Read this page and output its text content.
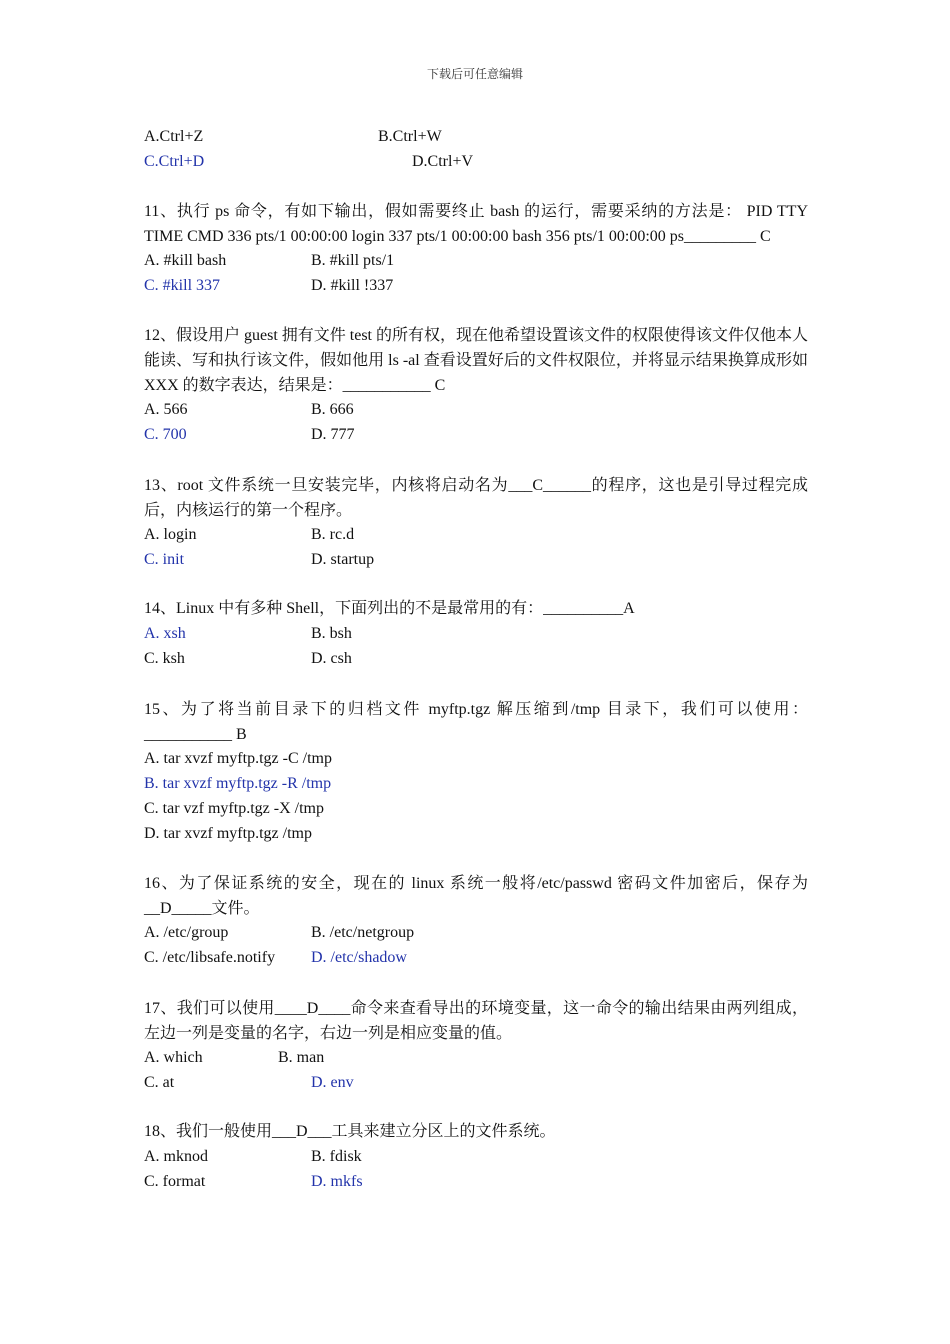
下载后可任意编辑
A.Ctrl+Z	B.Ctrl+W
C.Ctrl+D	D.Ctrl+V
11、执行 ps 命令，有如下输出，假如需要终止 bash 的运行，需要采纳的方法是： PID TTY TIME CMD 336 pts/1 00:00:00 login 337 pts/1 00:00:00 bash 356 pts/1 00:00:00 ps_________ C
A. #kill bash	B. #kill pts/1
C. #kill 337	D. #kill !337
12、假设用户 guest 拥有文件 test 的所有权，现在他希望设置该文件的权限使得该文件仅他本人能读、写和执行该文件，假如他用 ls -al 查看设置好后的文件权限位，并将显示结果换算成形如 XXX 的数字表达，结果是：___________ C
A. 566	B. 666
C. 700	D. 777
13、root 文件系统一旦安装完毕，内核将启动名为___C______的程序，这也是引导过程完成后，内核运行的第一个程序。
A. login	B. rc.d
C. init	D. startup
14、Linux 中有多种 Shell，下面列出的不是最常用的有：__________A
A. xsh	B. bsh
C. ksh	D. csh
15、为了将当前目录下的归档文件 myftp.tgz 解压缩到/tmp 目录下，我们可以使用：___________ B
A. tar xvzf myftp.tgz -C /tmp
B. tar xvzf myftp.tgz -R /tmp
C. tar vzf myftp.tgz -X /tmp
D. tar xvzf myftp.tgz /tmp
16、为了保证系统的安全，现在的 linux 系统一般将/etc/passwd 密码文件加密后，保存为__D_____文件。
A. /etc/group	B. /etc/netgroup
C. /etc/libsafe.notify D. /etc/shadow
17、我们可以使用____D____命令来查看导出的环境变量，这一命令的输出结果由两列组成，左边一列是变量的名字，右边一列是相应变量的值。
A. which	B. man
C. at	D. env
18、我们一般使用___D___工具来建立分区上的文件系统。
A. mknod	B. fdisk
C. format	D. mkfs
